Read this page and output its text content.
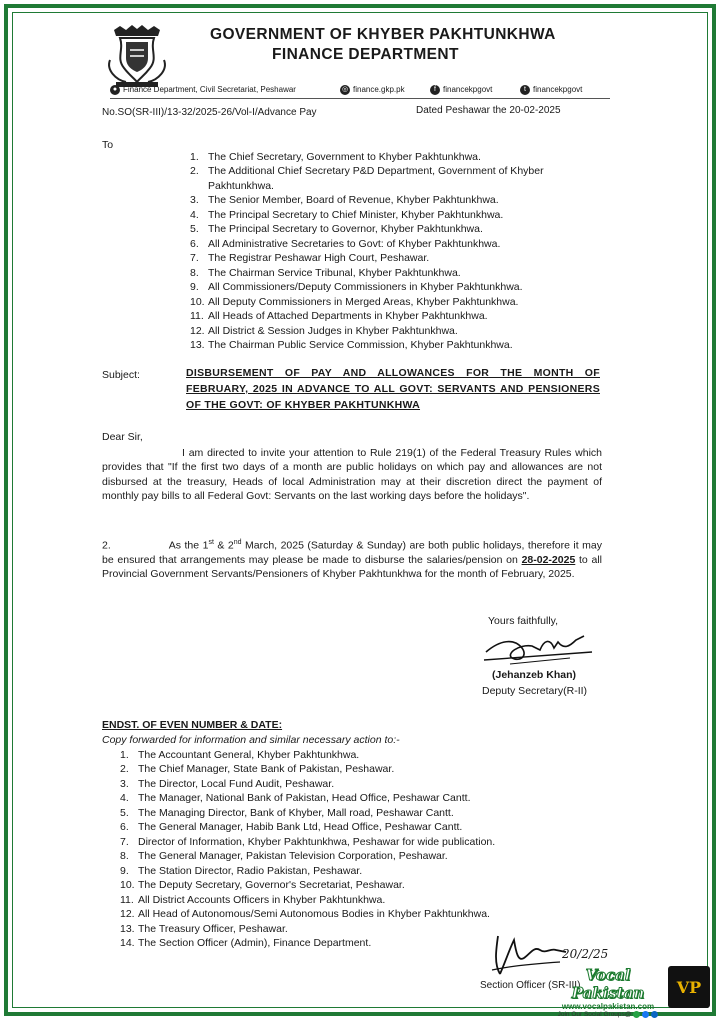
GOVERNMENT OF KHYBER PAKHTUNKHWA
FINANCE DEPARTMENT
● Finance Department, Civil Secretariat, Peshawar	◎ finance.gkp.pk	f financekpgovt	t financekpgovt
No.SO(SR-III)/13-32/2025-26/Vol-I/Advance Pay	Dated Peshawar the 20-02-2025
To
1. The Chief Secretary, Government to Khyber Pakhtunkhwa.
2. The Additional Chief Secretary P&D Department, Government of Khyber Pakhtunkhwa.
3. The Senior Member, Board of Revenue, Khyber Pakhtunkhwa.
4. The Principal Secretary to Chief Minister, Khyber Pakhtunkhwa.
5. The Principal Secretary to Governor, Khyber Pakhtunkhwa.
6. All Administrative Secretaries to Govt: of Khyber Pakhtunkhwa.
7. The Registrar Peshawar High Court, Peshawar.
8. The Chairman Service Tribunal, Khyber Pakhtunkhwa.
9. All Commissioners/Deputy Commissioners in Khyber Pakhtunkhwa.
10. All Deputy Commissioners in Merged Areas, Khyber Pakhtunkhwa.
11. All Heads of Attached Departments in Khyber Pakhtunkhwa.
12. All District & Session Judges in Khyber Pakhtunkhwa.
13. The Chairman Public Service Commission, Khyber Pakhtunkhwa.
Subject:	DISBURSEMENT OF PAY AND ALLOWANCES FOR THE MONTH OF FEBRUARY, 2025 IN ADVANCE TO ALL GOVT: SERVANTS AND PENSIONERS OF THE GOVT: OF KHYBER PAKHTUNKHWA
Dear Sir,
I am directed to invite your attention to Rule 219(1) of the Federal Treasury Rules which provides that "If the first two days of a month are public holidays on which pay and allowances are not disbursed at the treasury, Heads of local Administration may at their discretion direct the payment of monthly pay bills to all Federal Govt: Servants on the last working days before the holidays".
2.	As the 1st & 2nd March, 2025 (Saturday & Sunday) are both public holidays, therefore it may be ensured that arrangements may please be made to disburse the salaries/pension on 28-02-2025 to all Provincial Government Servants/Pensioners of Khyber Pakhtunkhwa for the month of February, 2025.
Yours faithfully,
(Jehanzeb Khan)
Deputy Secretary(R-II)
ENDST. OF EVEN NUMBER & DATE:
Copy forwarded for information and similar necessary action to:-
1. The Accountant General, Khyber Pakhtunkhwa.
2. The Chief Manager, State Bank of Pakistan, Peshawar.
3. The Director, Local Fund Audit, Peshawar.
4. The Manager, National Bank of Pakistan, Head Office, Peshawar Cantt.
5. The Managing Director, Bank of Khyber, Mall road, Peshawar Cantt.
6. The General Manager, Habib Bank Ltd, Head Office, Peshawar Cantt.
7. Director of Information, Khyber Pakhtunkhwa, Peshawar for wide publication.
8. The General Manager, Pakistan Television Corporation, Peshawar.
9. The Station Director, Radio Pakistan, Peshawar.
10. The Deputy Secretary, Governor's Secretariat, Peshawar.
11. All District Accounts Officers in Khyber Pakhtunkhwa.
12. All Head of Autonomous/Semi Autonomous Bodies in Khyber Pakhtunkhwa.
13. The Treasury Officer, Peshawar.
14. The Section Officer (Admin), Finance Department.
20/2/25
Section Officer (SR-III)
Vocal Pakistan
www.vocalpakistan.com
Join Our Social Groups@
VP
